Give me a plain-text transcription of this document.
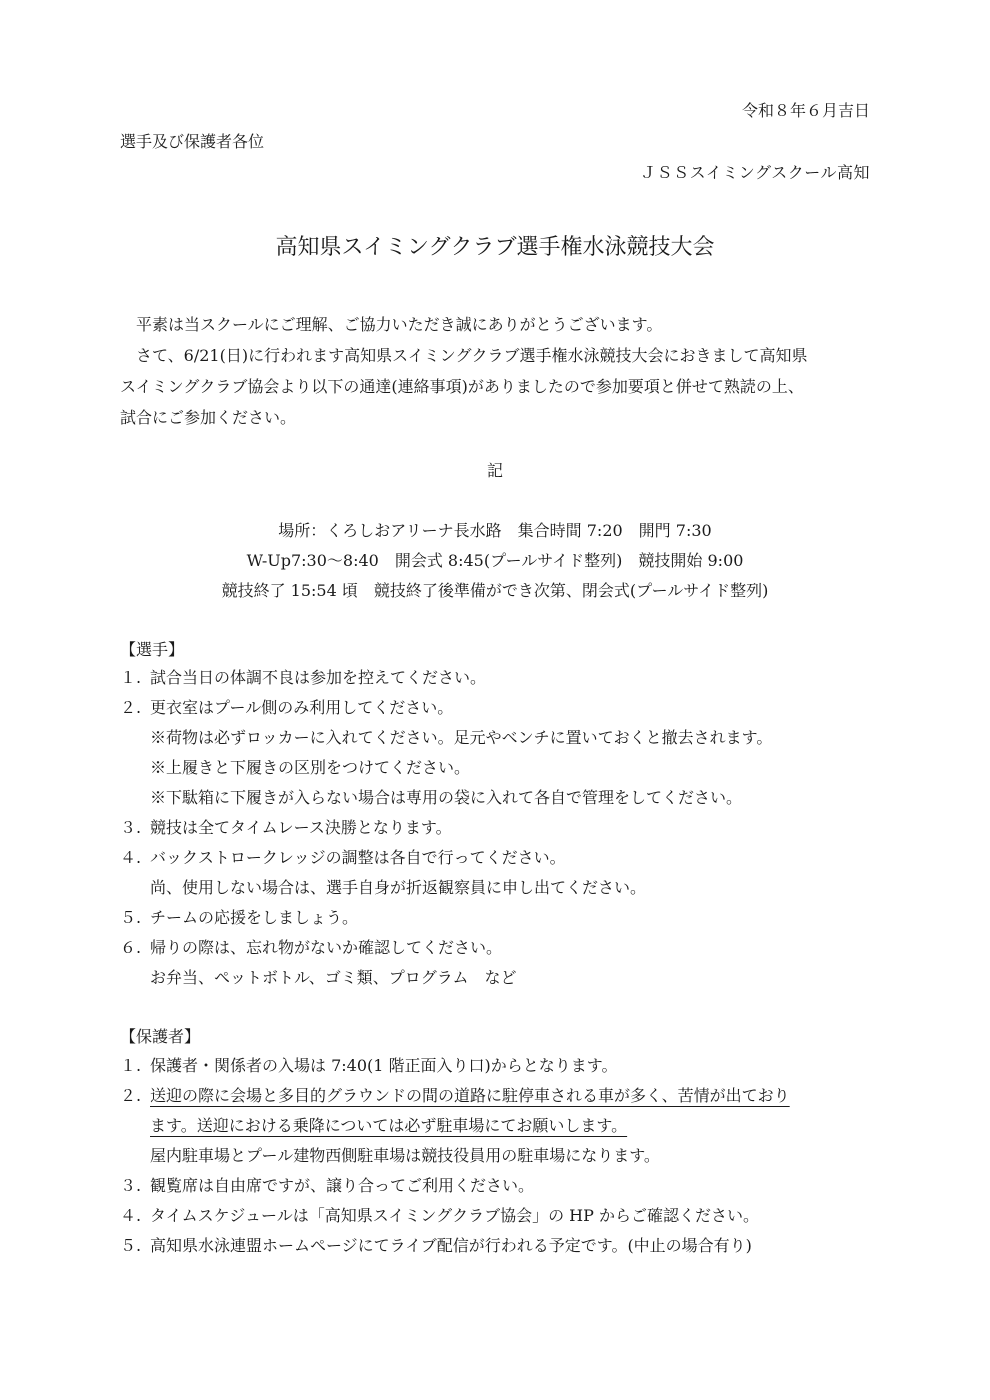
令和８年６月吉日
選手及び保護者各位
ＪＳＳスイミングスクール高知
高知県スイミングクラブ選手権水泳競技大会

平素は当スクールにご理解、ご協力いただき誠にありがとうございます。

さて、6/21(日)に行われます高知県スイミングクラブ選手権水泳競技大会におきまして高知県

スイミングクラブ協会より以下の通達(連絡事項)がありましたので参加要項と併せて熟読の上、

試合にご参加ください。

記
場所：くろしおアリーナ長水路　集合時間 7:20　開門 7:30
W-Up7:30～8:40　開会式 8:45(プールサイド整列)　競技開始 9:00
競技終了 15:54 頃　競技終了後準備ができ次第、閉会式(プールサイド整列)
【選手】
１. 試合当日の体調不良は参加を控えてください。
２. 更衣室はプール側のみ利用してください。
※荷物は必ずロッカーに入れてください。足元やベンチに置いておくと撤去されます。
※上履きと下履きの区別をつけてください。
※下駄箱に下履きが入らない場合は専用の袋に入れて各自で管理をしてください。
３. 競技は全てタイムレース決勝となります。
４. バックストロークレッジの調整は各自で行ってください。
尚、使用しない場合は、選手自身が折返観察員に申し出てください。
５. チームの応援をしましょう。
６. 帰りの際は、忘れ物がないか確認してください。
お弁当、ペットボトル、ゴミ類、プログラム　など
【保護者】
１. 保護者・関係者の入場は 7:40(1 階正面入り口)からとなります。
２. 送迎の際に会場と多目的グラウンドの間の道路に駐停車される車が多く、苦情が出ており
ます。送迎における乗降については必ず駐車場にてお願いします。
屋内駐車場とプール建物西側駐車場は競技役員用の駐車場になります。
３. 観覧席は自由席ですが、譲り合ってご利用ください。
４. タイムスケジュールは「高知県スイミングクラブ協会」の HP からご確認ください。
５. 高知県水泳連盟ホームページにてライブ配信が行われる予定です。(中止の場合有り)
